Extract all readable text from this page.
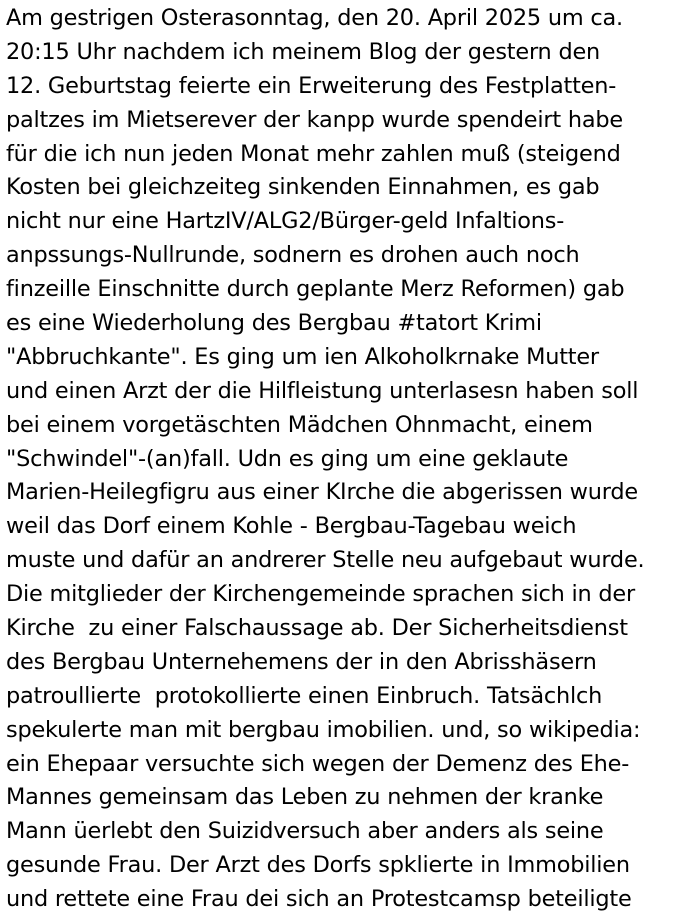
Am gestrigen Osterasonntag, den 20. April 2025 um ca.
20:15 Uhr nachdem ich meinem Blog der gestern den
12. Geburtstag feierte ein Erweiterung des Festplatten-
paltzes im Mietserever der kanpp wurde spendeirt habe
für die ich nun jeden Monat mehr zahlen muß (steigend
Kosten bei gleichzeiteg sinkenden Einnahmen, es gab
nicht nur eine HartzIV/ALG2/Bürger-geld Infaltions-
anpssungs-Nullrunde, sodnern es drohen auch noch
finzeille Einschnitte durch geplante Merz Reformen) gab
es eine Wiederholung des Bergbau #tatort Krimi
"Abbruchkante". Es ging um ien Alkoholkrnake Mutter
und einen Arzt der die Hilfleistung unterlasesn haben soll
bei einem vorgetäschten Mädchen Ohnmacht, einem
"Schwindel"-(an)fall. Udn es ging um eine geklaute
Marien-Heilegfigru aus einer KIrche die abgerissen wurde
weil das Dorf einem Kohle - Bergbau-Tagebau weich
muste und dafür an andrerer Stelle neu aufgebaut wurde.
Die mitglieder der Kirchengemeinde sprachen sich in der
Kirche  zu einer Falschaussage ab. Der Sicherheitsdienst
des Bergbau Unternehemens der in den Abrisshäsern
patroullierte  protokollierte einen Einbruch. Tatsächlch
spekulerte man mit bergbau imobilien. und, so wikipedia:
ein Ehepaar versuchte sich wegen der Demenz des Ehe-
Mannes gemeinsam das Leben zu nehmen der kranke
Mann üerlebt den Suizidversuch aber anders als seine
gesunde Frau. Der Arzt des Dorfs spklierte in Immobilien
und rettete eine Frau dei sich an Protestcamsp beteiligte
